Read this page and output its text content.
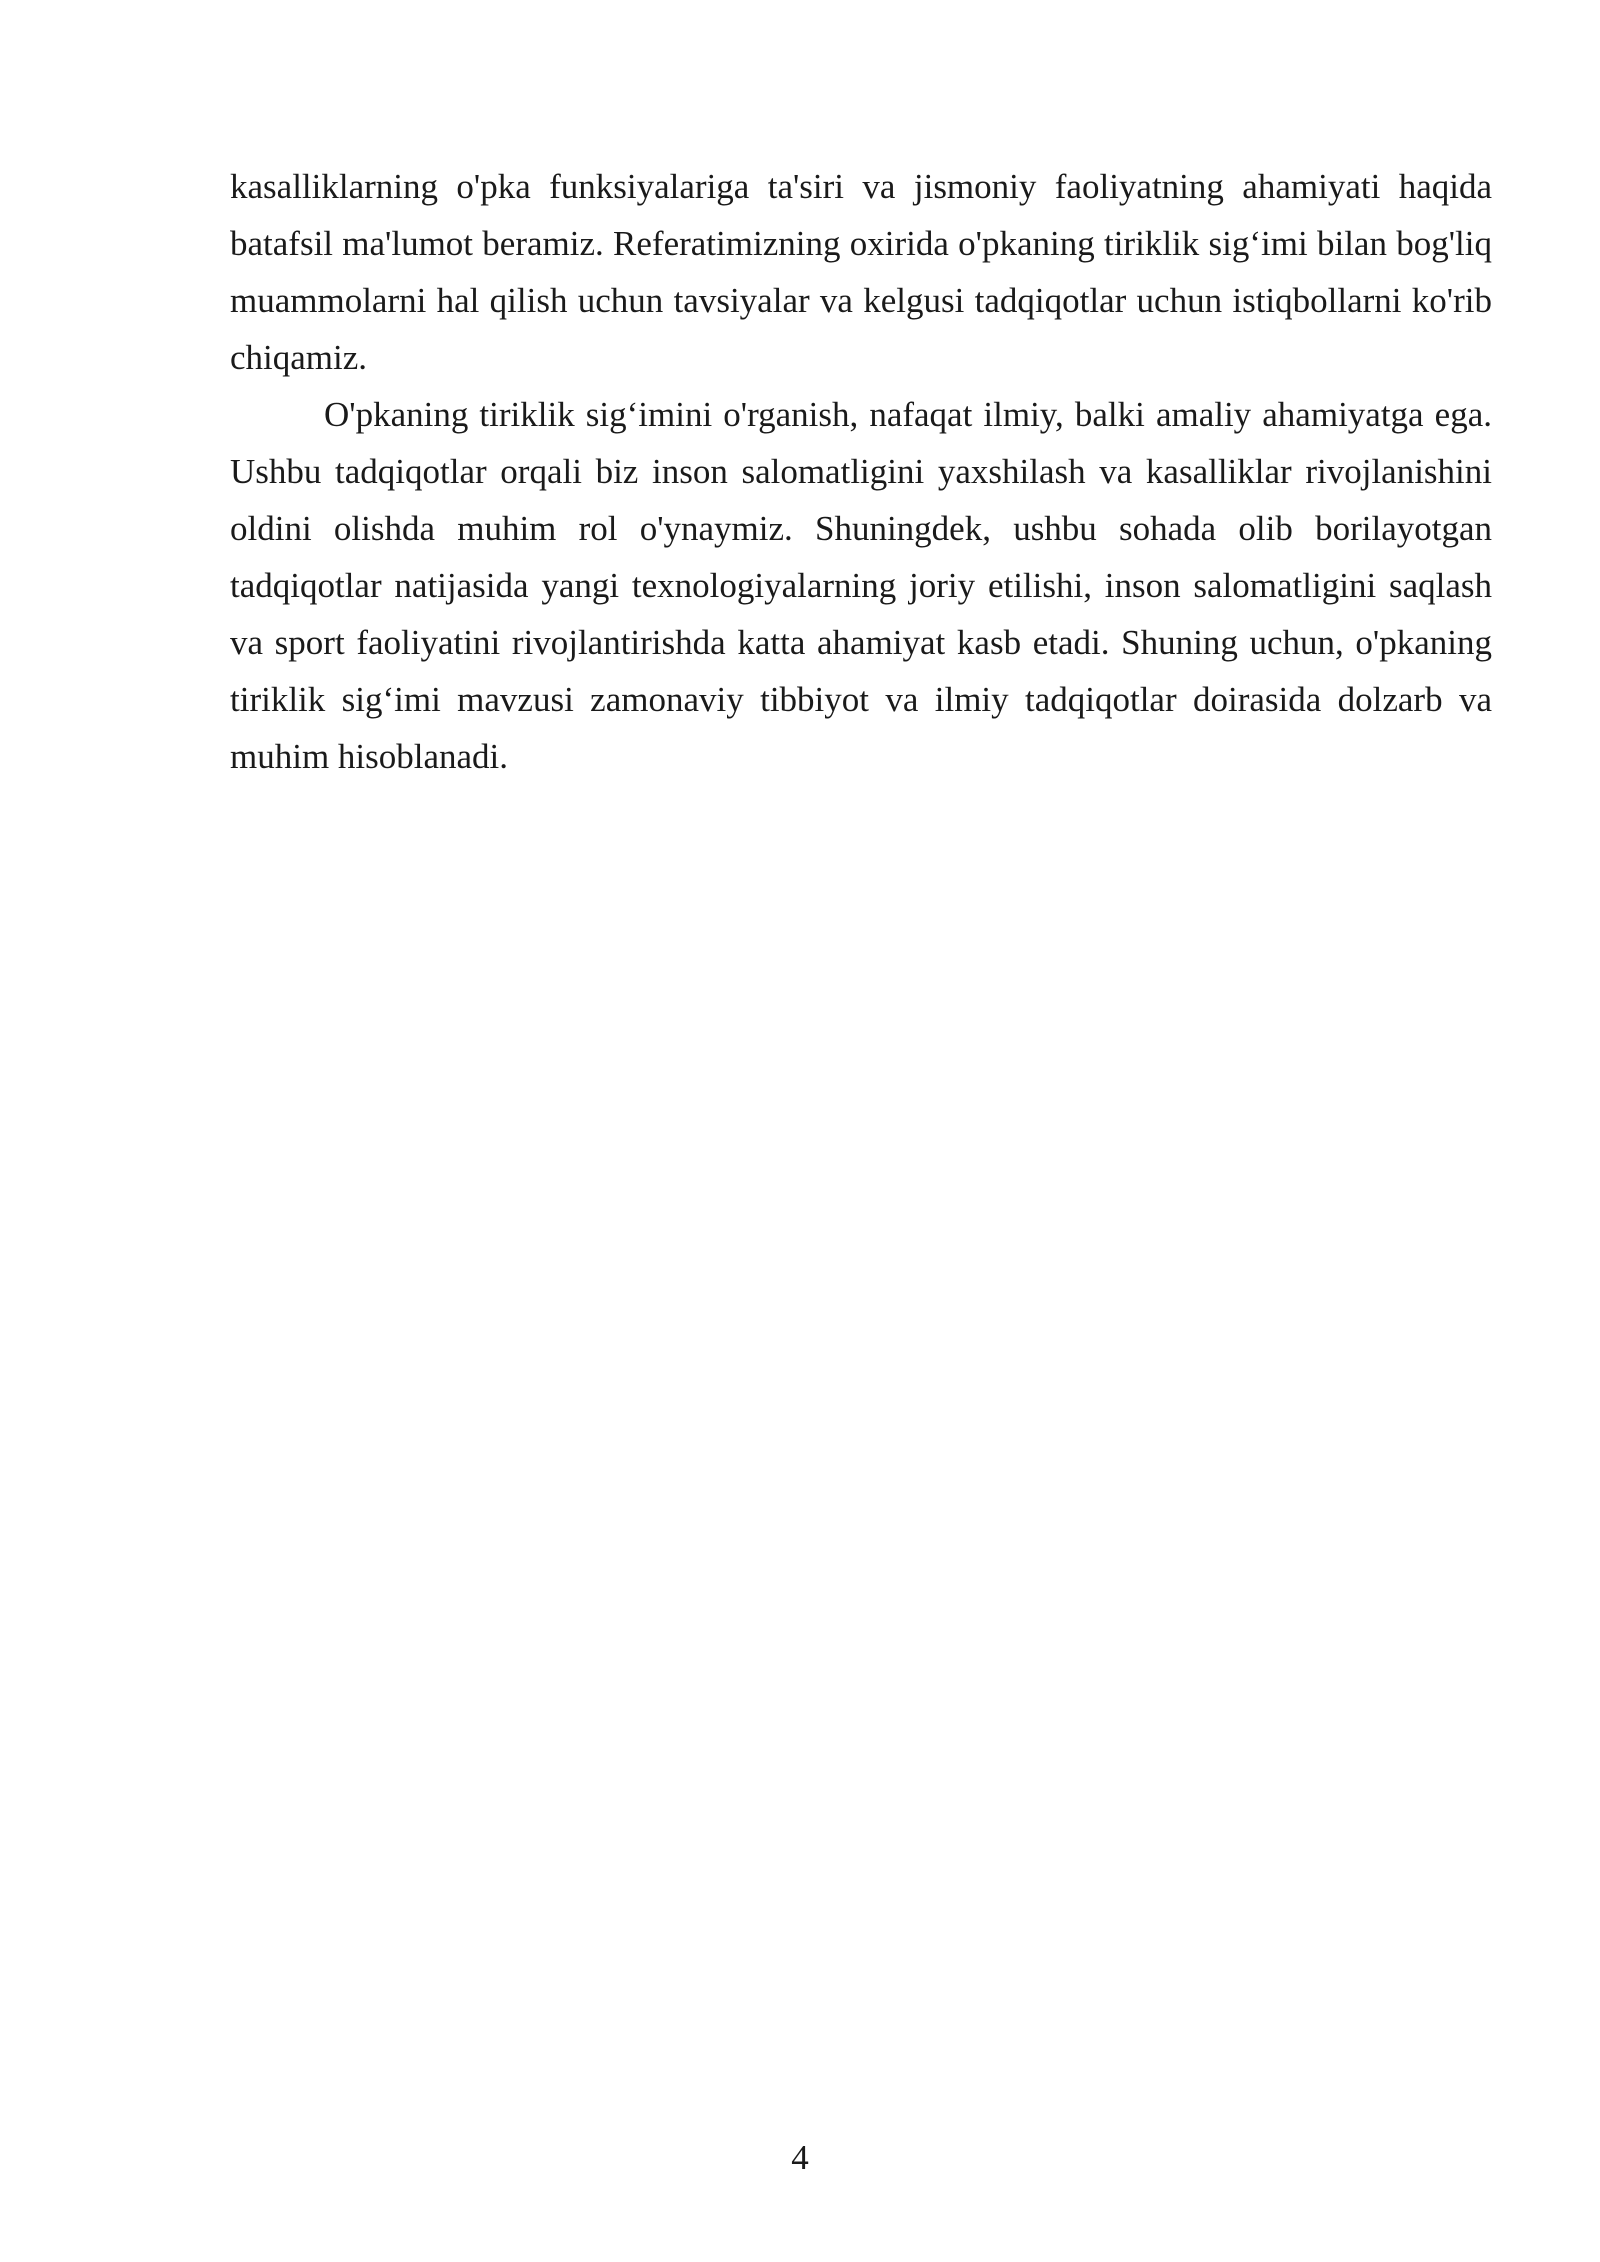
kasalliklarning o'pka funksiyalariga ta'siri va jismoniy faoliyatning ahamiyati haqida batafsil ma'lumot beramiz. Referatimizning oxirida o'pkaning tiriklik sig‘imi bilan bog'liq muammolarni hal qilish uchun tavsiyalar va kelgusi tadqiqotlar uchun istiqbollarni ko'rib chiqamiz.

O'pkaning tiriklik sig‘imini o'rganish, nafaqat ilmiy, balki amaliy ahamiyatga ega. Ushbu tadqiqotlar orqali biz inson salomatligini yaxshilash va kasalliklar rivojlanishini oldini olishda muhim rol o'ynaymiz. Shuningdek, ushbu sohada olib borilayotgan tadqiqotlar natijasida yangi texnologiyalarning joriy etilishi, inson salomatligini saqlash va sport faoliyatini rivojlantirishda katta ahamiyat kasb etadi. Shuning uchun, o'pkaning tiriklik sig‘imi mavzusi zamonaviy tibbiyot va ilmiy tadqiqotlar doirasida dolzarb va muhim hisoblanadi.

4
